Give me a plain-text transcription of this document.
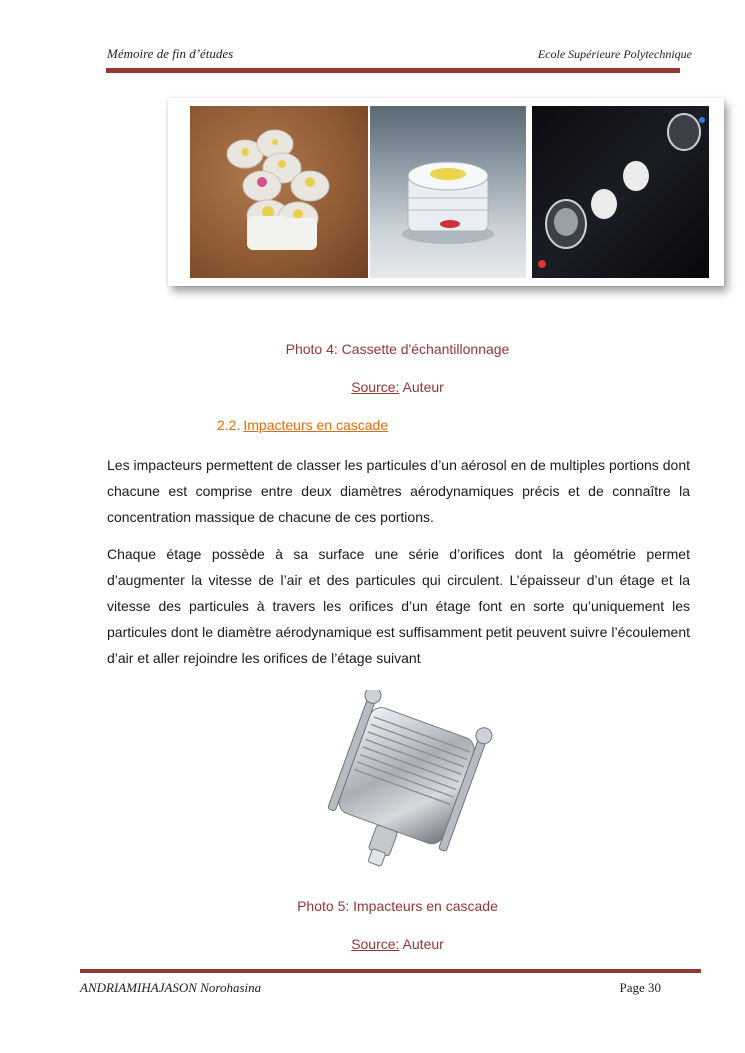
Mémoire de fin d’études	Ecole Supérieure Polytechnique
Photo 4: Cassette d'échantillonnage
Source: Auteur
2.2. Impacteurs en cascade
Les impacteurs permettent de classer les particules d’un aérosol en de multiples portions dont chacune est comprise entre deux diamètres aérodynamiques précis et de connaître la concentration massique de chacune de ces portions.
Chaque étage possède à sa surface une série d’orifices dont la géométrie permet d’augmenter la vitesse de l’air et des particules qui circulent. L’épaisseur d’un étage et la vitesse des particules à travers les orifices d’un étage font en sorte qu’uniquement les particules dont le diamètre aérodynamique est suffisamment petit peuvent suivre l’écoulement d’air et aller rejoindre les orifices de l’étage suivant
Photo 5: Impacteurs en cascade
Source: Auteur
ANDRIAMIHAJASON Norohasina	Page 30
